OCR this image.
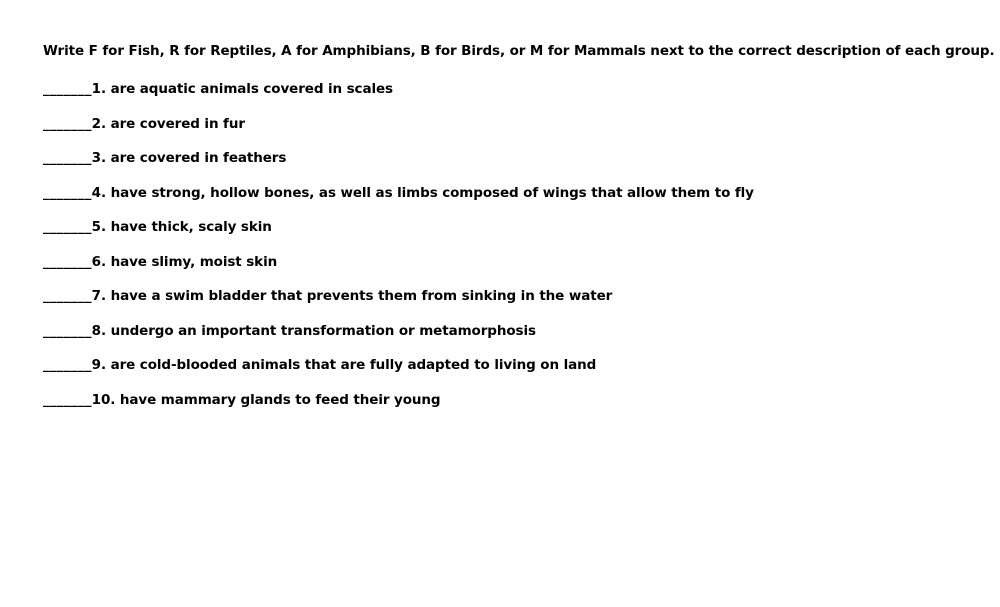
Write F for Fish, R for Reptiles, A for Amphibians, B for Birds, or M for Mammals next to the correct description of each group.

_______ 1. are aquatic animals covered in scales
_______ 2. are covered in fur
_______ 3. are covered in feathers
_______ 4. have strong, hollow bones, as well as limbs composed of wings that allow them to fly
_______ 5. have thick, scaly skin
_______ 6. have slimy, moist skin
_______ 7. have a swim bladder that prevents them from sinking in the water
_______ 8. undergo an important transformation or metamorphosis
_______ 9. are cold-blooded animals that are fully adapted to living on land
_______ 10. have mammary glands to feed their young
